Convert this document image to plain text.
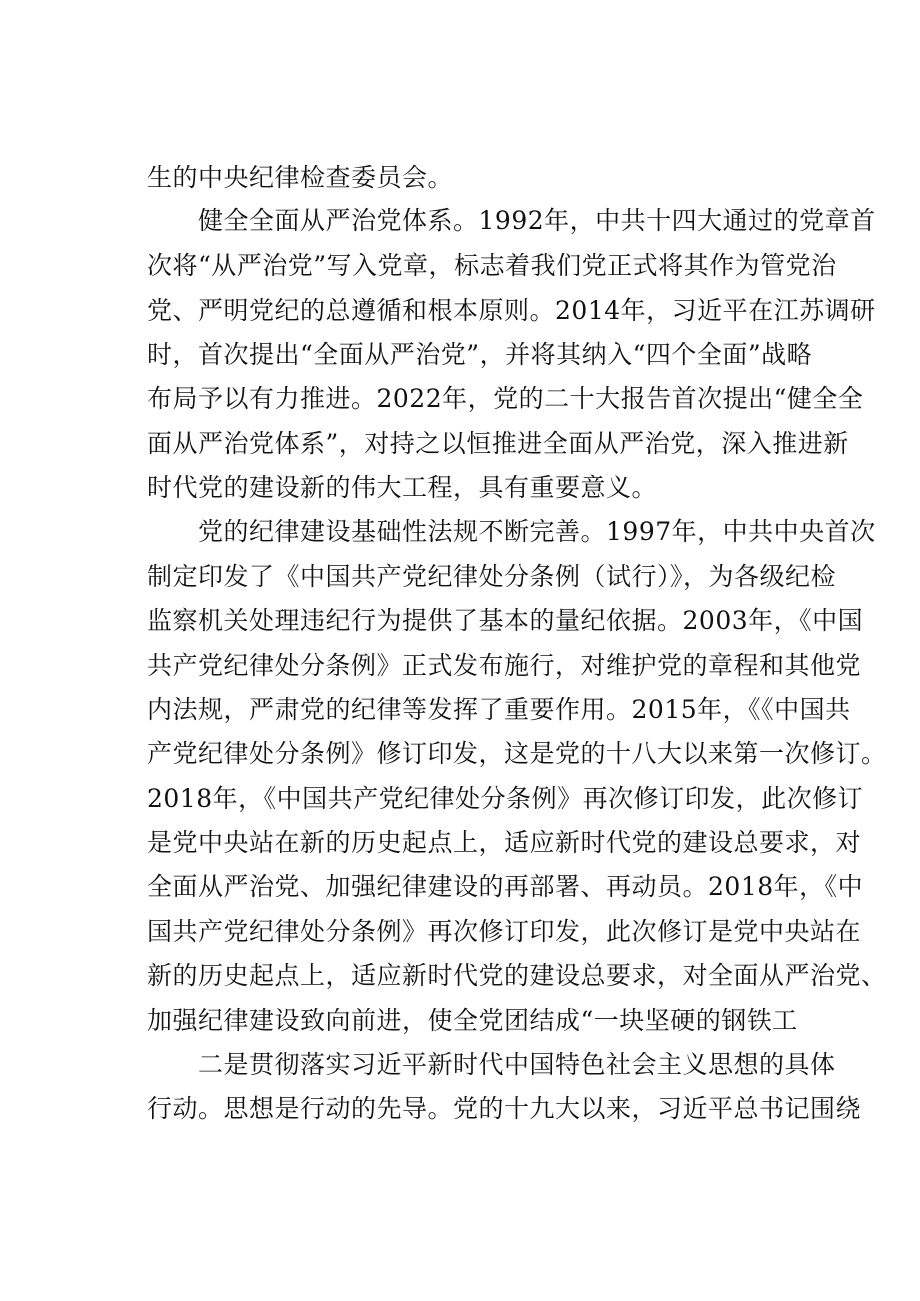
生的中央纪律检查委员会。
健全全面从严治党体系。1992年，中共十四大通过的党章首
次将“从严治党”写入党章，标志着我们党正式将其作为管党治
党、严明党纪的总遵循和根本原则。2014年，习近平在江苏调研
时，首次提出“全面从严治党”，并将其纳入“四个全面”战略
布局予以有力推进。2022年，党的二十大报告首次提出“健全全
面从严治党体系”，对持之以恒推进全面从严治党，深入推进新
时代党的建设新的伟大工程，具有重要意义。
党的纪律建设基础性法规不断完善。1997年，中共中央首次
制定印发了《中国共产党纪律处分条例（试行）》，为各级纪检
监察机关处理违纪行为提供了基本的量纪依据。2003年，《中国
共产党纪律处分条例》正式发布施行，对维护党的章程和其他党
内法规，严肃党的纪律等发挥了重要作用。2015年，《《中国共
产党纪律处分条例》修订印发，这是党的十八大以来第一次修订。
2018年，《中国共产党纪律处分条例》再次修订印发，此次修订
是党中央站在新的历史起点上，适应新时代党的建设总要求，对
全面从严治党、加强纪律建设的再部署、再动员。2018年，《中
国共产党纪律处分条例》再次修订印发，此次修订是党中央站在
新的历史起点上，适应新时代党的建设总要求，对全面从严治党、
加强纪律建设致向前进，使全党团结成“一块坚硬的钢铁工
二是贯彻落实习近平新时代中国特色社会主义思想的具体
行动。思想是行动的先导。党的十九大以来，习近平总书记围绕
